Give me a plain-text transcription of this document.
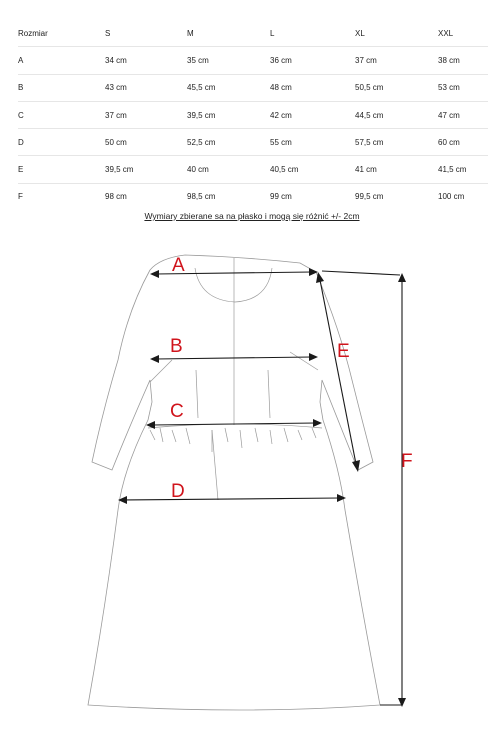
Rozmiar	S	M	L	XL	XXL
A	34 cm	35 cm	36 cm	37 cm	38 cm
B	43 cm	45,5 cm	48 cm	50,5 cm	53 cm
C	37 cm	39,5 cm	42 cm	44,5 cm	47 cm
D	50 cm	52,5 cm	55 cm	57,5 cm	60 cm
E	39,5 cm	40 cm	40,5 cm	41 cm	41,5 cm
F	98 cm	98,5 cm	99 cm	99,5 cm	100 cm
Wymiary zbierane sa na płasko i mogą się różnić +/- 2cm
A
B
C
D
E
F
